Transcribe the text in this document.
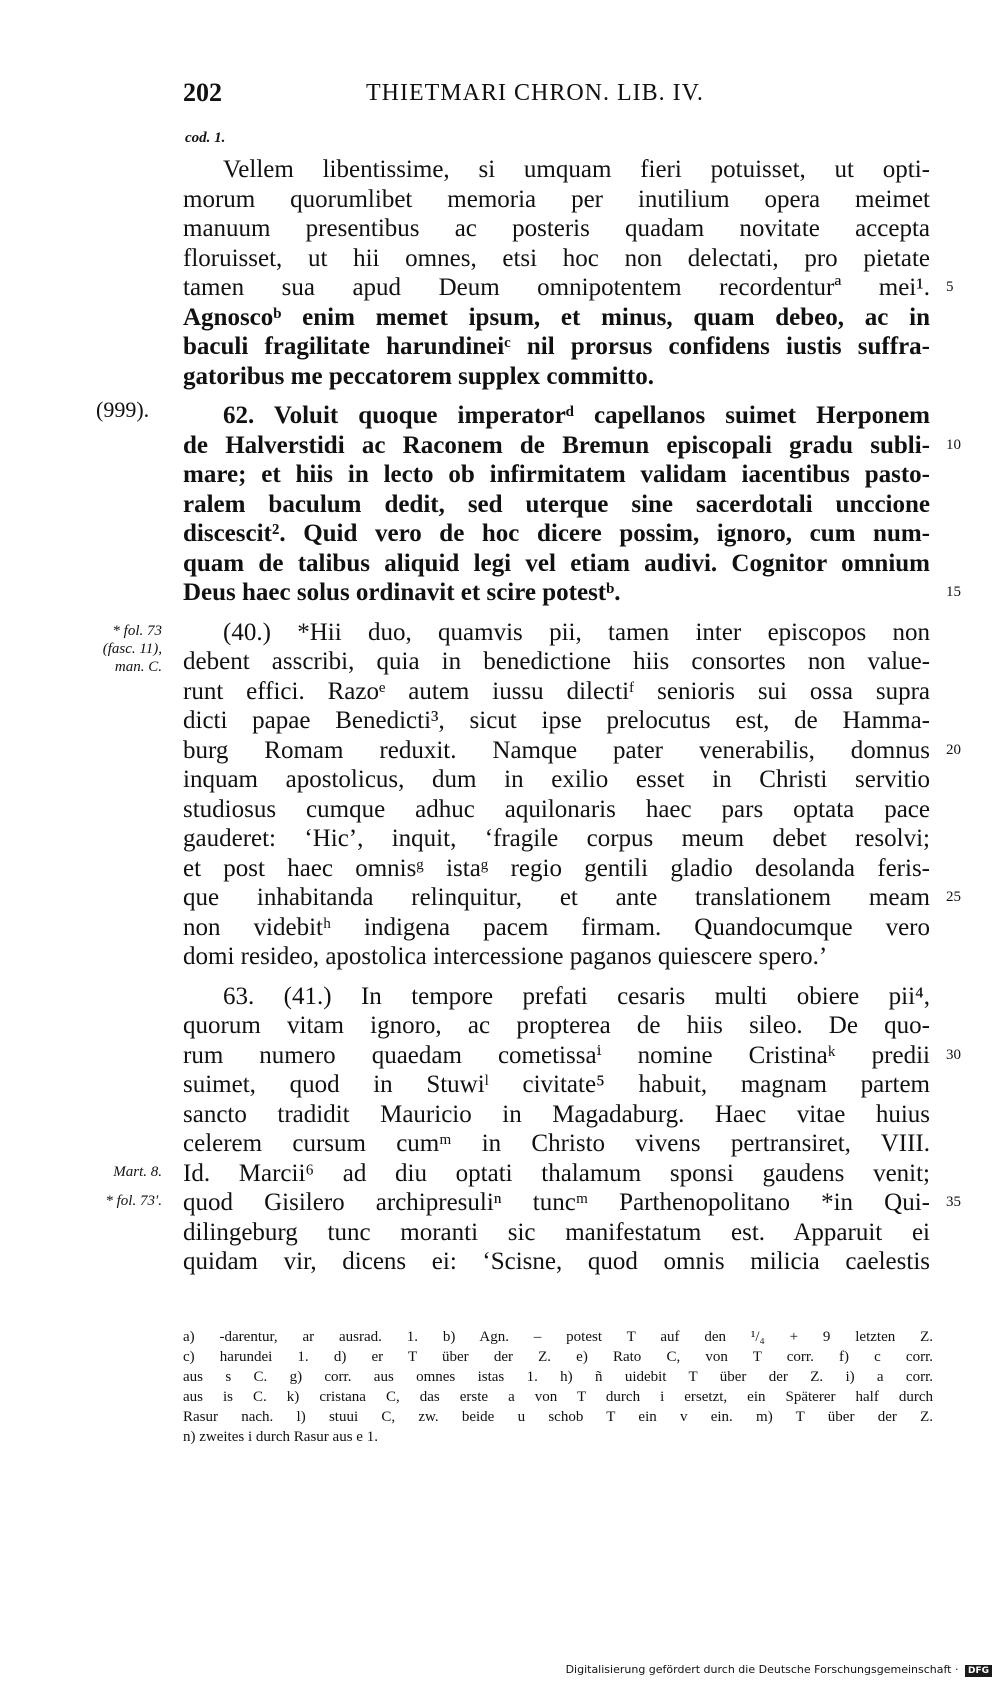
202	THIETMARI CHRON. LIB. IV.
cod. 1.
Vellem libentissime, si umquam fieri potuisset, ut opti-
morum quorumlibet memoria per inutilium opera meimet
manuum presentibus ac posteris quadam novitate accepta
floruisset, ut hii omnes, etsi hoc non delectati, pro pietate
tamen sua apud Deum omnipotentem recordenturª mei¹. 5
Agnoscoᵇ enim memet ipsum, et minus, quam debeo, ac in
baculi fragilitate harundineiᶜ nil prorsus confidens iustis suffra-
gatoribus me peccatorem supplex committo.
62. Voluit quoque imperatorᵈ capellanos suimet Herponem
de Halverstidi ac Raconem de Bremun episcopali gradu subli- 10
mare; et hiis in lecto ob infirmitatem validam iacentibus pasto-
ralem baculum dedit, sed uterque sine sacerdotali unccione
discescit². Quid vero de hoc dicere possim, ignoro, cum num-
quam de talibus aliquid legi vel etiam audivi. Cognitor omnium
Deus haec solus ordinavit et scire potestᵇ.	15
(40.) *Hii duo, quamvis pii, tamen inter episcopos non
debent asscribi, quia in benedictione hiis consortes non value-
runt effici. Razoᵉ autem iussu dilectiᶠ senioris sui ossa supra
dicti papae Benedicti³, sicut ipse prelocutus est, de Hamma-
burg Romam reduxit. Namque pater venerabilis, domnus 20
inquam apostolicus, dum in exilio esset in Christi servitio
studiosus cumque adhuc aquilonaris haec pars optata pace
gauderet: ‘Hic’, inquit, ‘fragile corpus meum debet resolvi;
et post haec omnisᵍ istaᵍ regio gentili gladio desolanda feris-
que inhabitanda relinquitur, et ante translationem meam 25
non videbitʰ indigena pacem firmam. Quandocumque vero
domi resideo, apostolica intercessione paganos quiescere spero.’
63. (41.) In tempore prefati cesaris multi obiere pii⁴,
quorum vitam ignoro, ac propterea de hiis sileo. De quo-
rum numero quaedam cometissaⁱ nomine Cristinaᵏ predii 30
suimet, quod in Stuwiˡ civitate⁵ habuit, magnam partem
sancto tradidit Mauricio in Magadaburg. Haec vitae huius
celerem cursum cumᵐ in Christo vivens pertransiret, VIII.
Id. Marcii⁶ ad diu optati thalamum sponsi gaudens venit;
quod Gisilero archipresuliⁿ tuncᵐ Parthenopolitano *in Qui- 35
dilingeburg tunc moranti sic manifestatum est. Apparuit ei
quidam vir, dicens ei: ‘Scisne, quod omnis milicia caelestis
(999).
* fol. 73
(fasc. 11),
man. C.
Mart. 8.
* fol. 73′.
a) -darentur, ar ausrad. 1. b) Agn. – potest T auf den ¹/₄ + 9 letzten Z.
c) harundei 1. d) er T über der Z. e) Rato C, von T corr. f) c corr.
aus s C. g) corr. aus omnes istas 1. h) ñ uidebit T über der Z. i) a corr.
aus is C. k) cristana C, das erste a von T durch i ersetzt, ein Späterer half durch
Rasur nach. l) stuui C, zw. beide u schob T ein v ein. m) T über der Z.
n) zweites i durch Rasur aus e 1.
Digitalisierung gefördert durch die Deutsche Forschungsgemeinschaft · DFG
